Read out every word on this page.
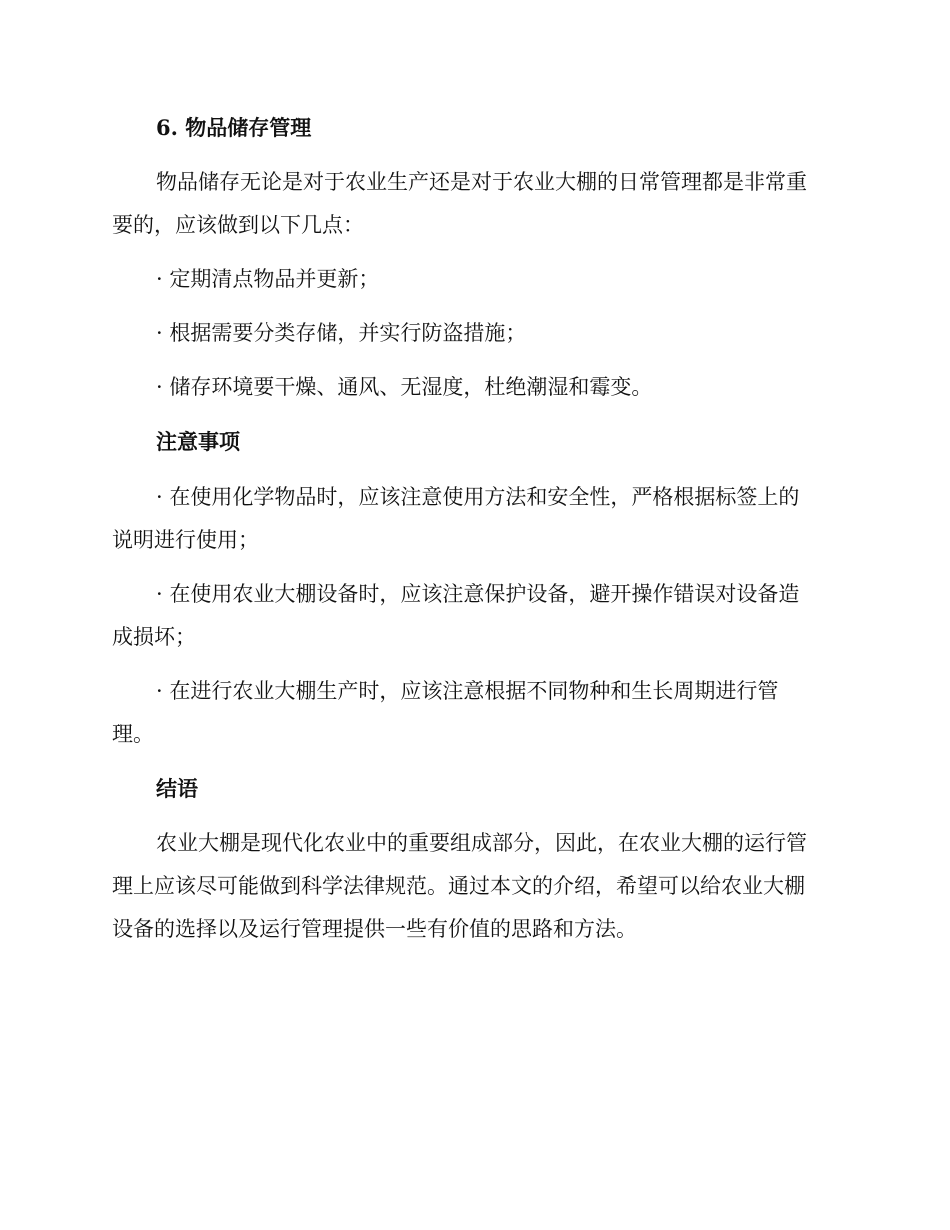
6. 物品储存管理
物品储存无论是对于农业生产还是对于农业大棚的日常管理都是非常重
要的，应该做到以下几点：
· 定期清点物品并更新；
· 根据需要分类存储，并实行防盗措施；
· 储存环境要干燥、通风、无湿度，杜绝潮湿和霉变。
注意事项
· 在使用化学物品时，应该注意使用方法和安全性，严格根据标签上的
说明进行使用；
· 在使用农业大棚设备时，应该注意保护设备，避开操作错误对设备造
成损坏；
· 在进行农业大棚生产时，应该注意根据不同物种和生长周期进行管
理。
结语
农业大棚是现代化农业中的重要组成部分，因此，在农业大棚的运行管
理上应该尽可能做到科学法律规范。通过本文的介绍，希望可以给农业大棚
设备的选择以及运行管理提供一些有价值的思路和方法。
